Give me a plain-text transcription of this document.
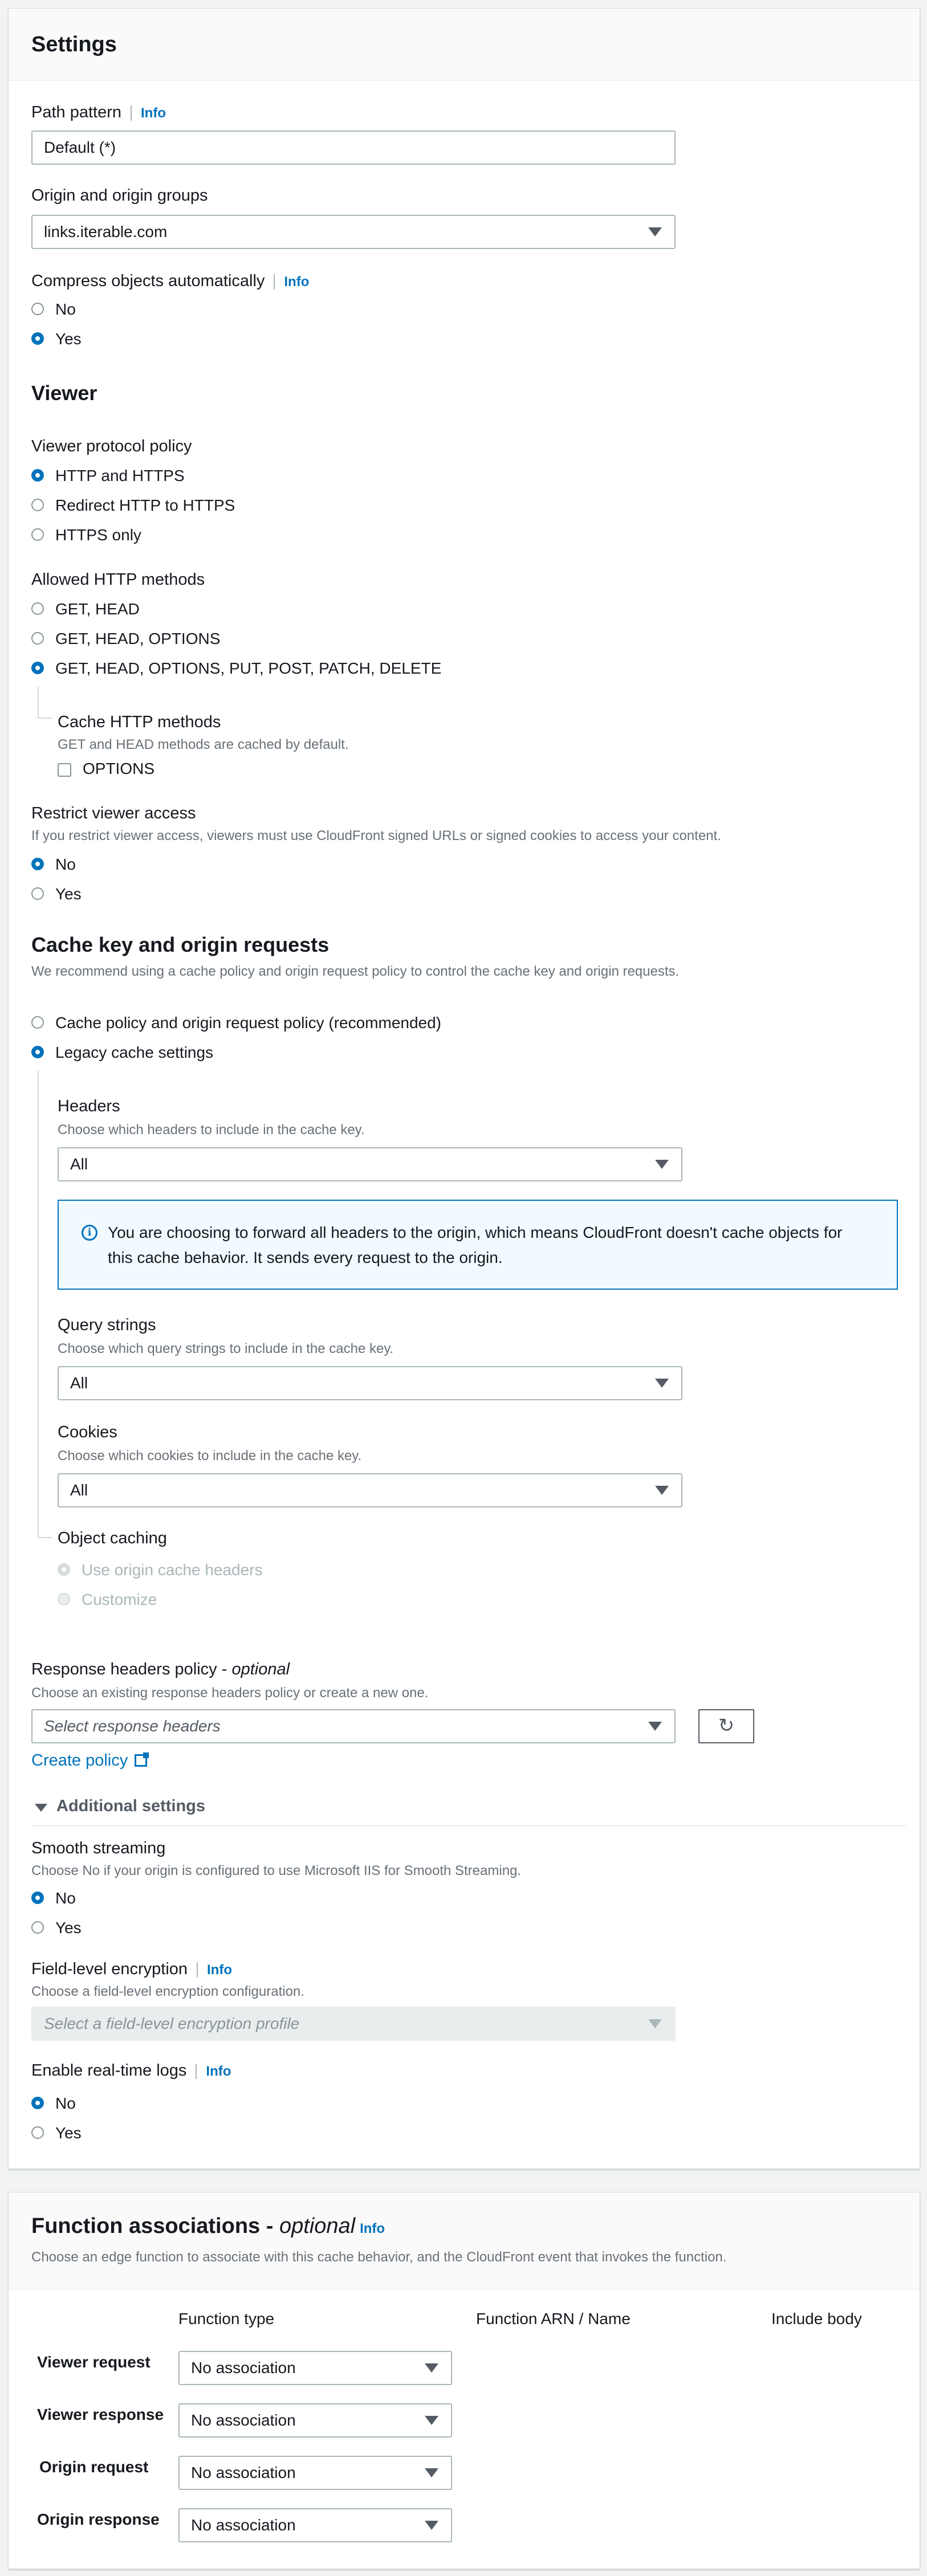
Settings
Path pattern Info
Default (*)
Origin and origin groups
links.iterable.com
Compress objects automatically Info
No
Yes
Viewer
Viewer protocol policy
HTTP and HTTPS
Redirect HTTP to HTTPS
HTTPS only
Allowed HTTP methods
GET, HEAD
GET, HEAD, OPTIONS
GET, HEAD, OPTIONS, PUT, POST, PATCH, DELETE
Cache HTTP methods
GET and HEAD methods are cached by default.
OPTIONS
Restrict viewer access
If you restrict viewer access, viewers must use CloudFront signed URLs or signed cookies to access your content.
No
Yes
Cache key and origin requests
We recommend using a cache policy and origin request policy to control the cache key and origin requests.
Cache policy and origin request policy (recommended)
Legacy cache settings
Headers
Choose which headers to include in the cache key.
All
i	You are choosing to forward all headers to the origin, which means CloudFront doesn't cache objects for this cache behavior. It sends every request to the origin.
Query strings
Choose which query strings to include in the cache key.
All
Cookies
Choose which cookies to include in the cache key.
All
Object caching
Use origin cache headers
Customize
Response headers policy - optional
Choose an existing response headers policy or create a new one.
Select response headers	↻
Create policy
Additional settings
Smooth streaming
Choose No if your origin is configured to use Microsoft IIS for Smooth Streaming.
No
Yes
Field-level encryption Info
Choose a field-level encryption configuration.
Select a field-level encryption profile
Enable real-time logs Info
No
Yes
Function associations - optional Info
Choose an edge function to associate with this cache behavior, and the CloudFront event that invokes the function.
Function type	Function ARN / Name	Include body
Viewer request	No association
Viewer response	No association
Origin request	No association
Origin response	No association
